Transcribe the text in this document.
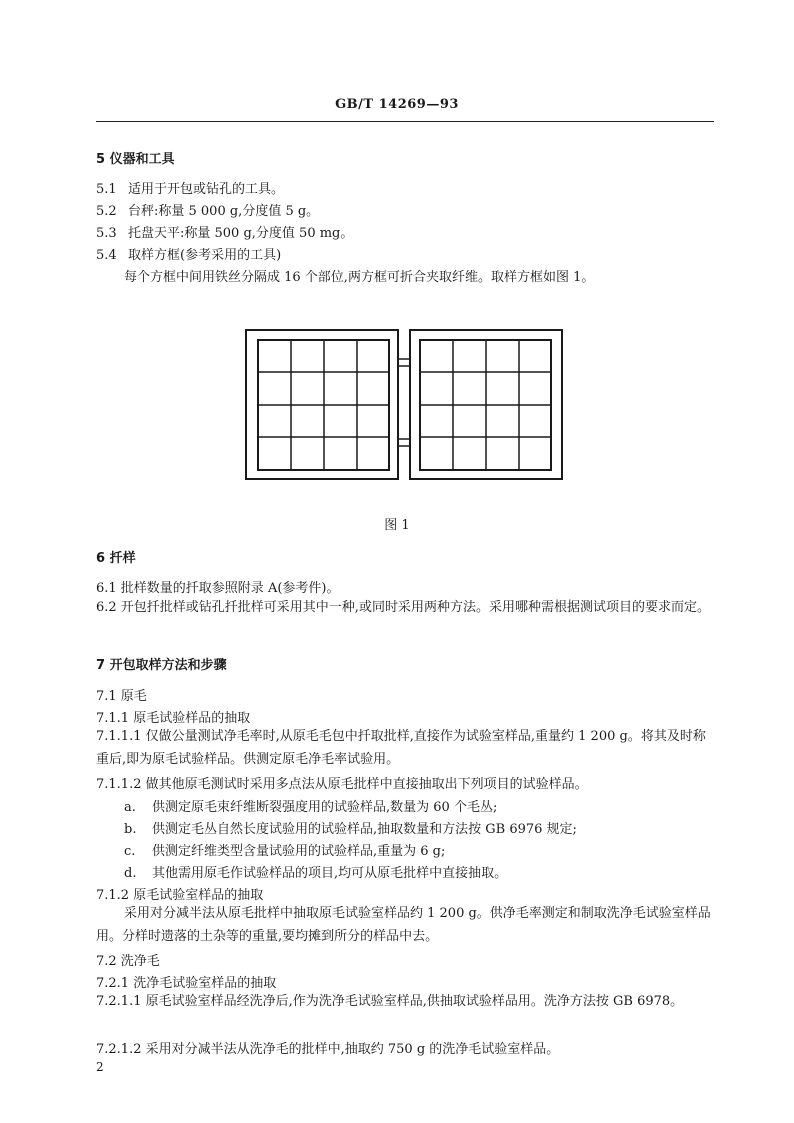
GB/T 14269—93
5 仪器和工具
5.1 适用于开包或钻孔的工具。
5.2 台秤:称量 5 000 g,分度值 5 g。
5.3 托盘天平:称量 500 g,分度值 50 mg。
5.4 取样方框(参考采用的工具)
每个方框中间用铁丝分隔成 16 个部位,两方框可折合夹取纤维。取样方框如图 1。
图 1
6 扦样
6.1 批样数量的扦取参照附录 A(参考件)。
6.2 开包扦批样或钻孔扦批样可采用其中一种,或同时采用两种方法。采用哪种需根据测试项目的要求而定。
7 开包取样方法和步骤
7.1 原毛
7.1.1 原毛试验样品的抽取
7.1.1.1 仅做公量测试净毛率时,从原毛毛包中扦取批样,直接作为试验室样品,重量约 1 200 g。将其及时称重后,即为原毛试验样品。供测定原毛净毛率试验用。
7.1.1.2 做其他原毛测试时采用多点法从原毛批样中直接抽取出下列项目的试验样品。
a. 供测定原毛束纤维断裂强度用的试验样品,数量为 60 个毛丛;
b. 供测定毛丛自然长度试验用的试验样品,抽取数量和方法按 GB 6976 规定;
c. 供测定纤维类型含量试验用的试验样品,重量为 6 g;
d. 其他需用原毛作试验样品的项目,均可从原毛批样中直接抽取。
7.1.2 原毛试验室样品的抽取
采用对分减半法从原毛批样中抽取原毛试验室样品约 1 200 g。供净毛率测定和制取洗净毛试验室样品用。分样时遗落的土杂等的重量,要均摊到所分的样品中去。
7.2 洗净毛
7.2.1 洗净毛试验室样品的抽取
7.2.1.1 原毛试验室样品经洗净后,作为洗净毛试验室样品,供抽取试验样品用。洗净方法按 GB 6978。
7.2.1.2 采用对分减半法从洗净毛的批样中,抽取约 750 g 的洗净毛试验室样品。
2
